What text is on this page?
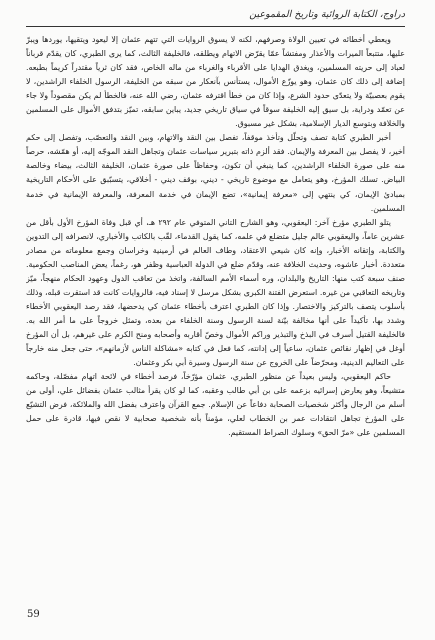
دراوج، الكتابة الروائية وتاريخ المقموعين

ويعطي أخطائه في تعيين الولاة وصرفهم، لكنه لا يسوق الروايات التي تتهم عثمان إلا ليعود ويتقيها، يوردها ويبرّ عليها، متتبعاً الميرات والأعذار ومفتشاً عمّا يقرّض الاتهام ويطلقه، فالخليفة الثالث، كما يرى الطبري، كان يقدّم قرباناً لعباد إلى حريته المسلمين، ويغدق الهدايا على الأقرباء والغرباء من ماله الخاص، فقد كان ثرياً مقتدراً كريماً بطبعه. إضافة إلى ذلك كان عثمان، وهو يوزّع الأموال، يستأنس بآنعكار من سبقه من الخليفة، الرسول الخلفاء الراشدين، لا يقوم بعصبيّة ولا يتعدّى حدود الشرع، وإذا كان من خطأ اقترفه عثمان، رضي الله عنه، فالخطأ لم يكن مقصوداً ولا جاء عن تعمّد ودراية، بل سيق إليه الخليفة سوقاً في سياق تاريخي جديد، يباين سابقه، تميّز بتدفق الأموال على المسلمين والخلافة وبتوسع الديار الإسلامية، بشكل غير مسبوق.

أخبر الطبري كتابة تصف وتحلّل وتأخذ موقفاً، تفصل بين النقد والاتهام، وبين النقد والتعصّب، وتفصل إلى حكم أخير، لا يفصل بين المعرفة والإيمان. فقد ألزم ذاته بتبرير سياسات عثمان وتجاهل النقد الموجّه إليه، أو همّشه، حرصاً منه على صورة الخلفاء الراشدين، كما ينبغي أن تكون، وحفاظاً على صورة عثمان، الخليفة الثالث، بيضاء وخالصة البياض. تسلك المؤرخ، وهو يتعامل مع موضوع تاريخي - ديني، بوقف ديني - أخلاقي، يتسبّبق على الأحكام التاريخية بمبادئ الإيمان، كي ينتهي إلى «معرفة إيمانية»، تضع الإيمان في خدمة المعرفة، والمعرفة الإيمانية في خدمة المسلمين.

يتلو الطبري مؤرخ آخر: اليعقوبي، وهو الشارح التاني المتوفي عام ٢٩٢ هـ، أي قبل وفاة المؤرخ الأول بأقل من عشرين عاماً، واليعقوبي عالم جليل متضلع في علمه، كما يقول القدماء، لقّب بالكاتب والأخباري، لانصرافه إلى التدوين والكتابة، وإتقانه الأخبار، وإنه كان شيعي الاعتقاد، وطاف العالم في أرمينية وخراسان وجمع معلوماته من مصادر متعددة. أخبار عاشوه، وحديث الخلافة عنه، وقدّم ضلع في الدولة العباسية وظفر هو، رغماً، يعض المناصب الحكومية. صنف سبعة كتب منها: التاريخ والبلدان، وره أسماء الأمم السالفة، واتخذ من تعاقب الدول وعهود الحكام منهجاً، ميّز وتاريخه التعاقبي من غيره. استعرض الفتنة الكبرى بشكل مرسل لا إسناد فيه، فالروايات كانت قد استقرت قبله، وذلك بأسلوب يتصف بالتركيز والاختصار. وإذا كان الطبري اعترف بأخطاء عثمان كي يدحضها، فقد رصد اليعقوبي الأخطاء وشدد بها، تأكيداً على أنها مخالفة بيّنة لسنة الرسول وسنة الخلفاء من بعده، وتمثل خروجاً على ما أمر الله به. فالخليفة القتيل أسرف في البذخ والتبذير وراكم الأموال وخصّ أقاربه وأصحابه ومنح الكرم على غيرهم، بل أن المؤرخ أوغل في إظهار نقائص عثمان، ساعياً إلى إدانته، كما فعل في كتابه «مشاكلة الناس لأزمانهم»، حتى جعل منه خارجاً على التعاليم الدينية، ومحرّضاً على الخروج عن سنة الرسول وسيرة أبي بكر وعثمان.

حاكم اليعقوبي، وليس بعيداً عن منظور الطبري، عثمان مؤرّخاً، فرصد أخطاء في لائحة اتهام مفصّلة، وحاكمه متشيعاً، وهو يعارض إسرائيه بزعمه على بن أبي طالب وعقبه، كما لو كان يقرأ مثالب عثمان بفضائل علي، أولى من أسلم من الرجال وأكثر شخصيات الصحابة دفاعاً عن الإسلام. جمع القرآن واعترف بفضل الله والملائكة، فرض التشيّع على المؤرخ تجاهل انتقادات عمر بن الخطاب لعلي، مؤمناً بأنه شخصية صحابية لا نقص فيها، قادرة على حمل المسلمين على «مرّ الحق» وسلوك الصراط المستقيم.

59
